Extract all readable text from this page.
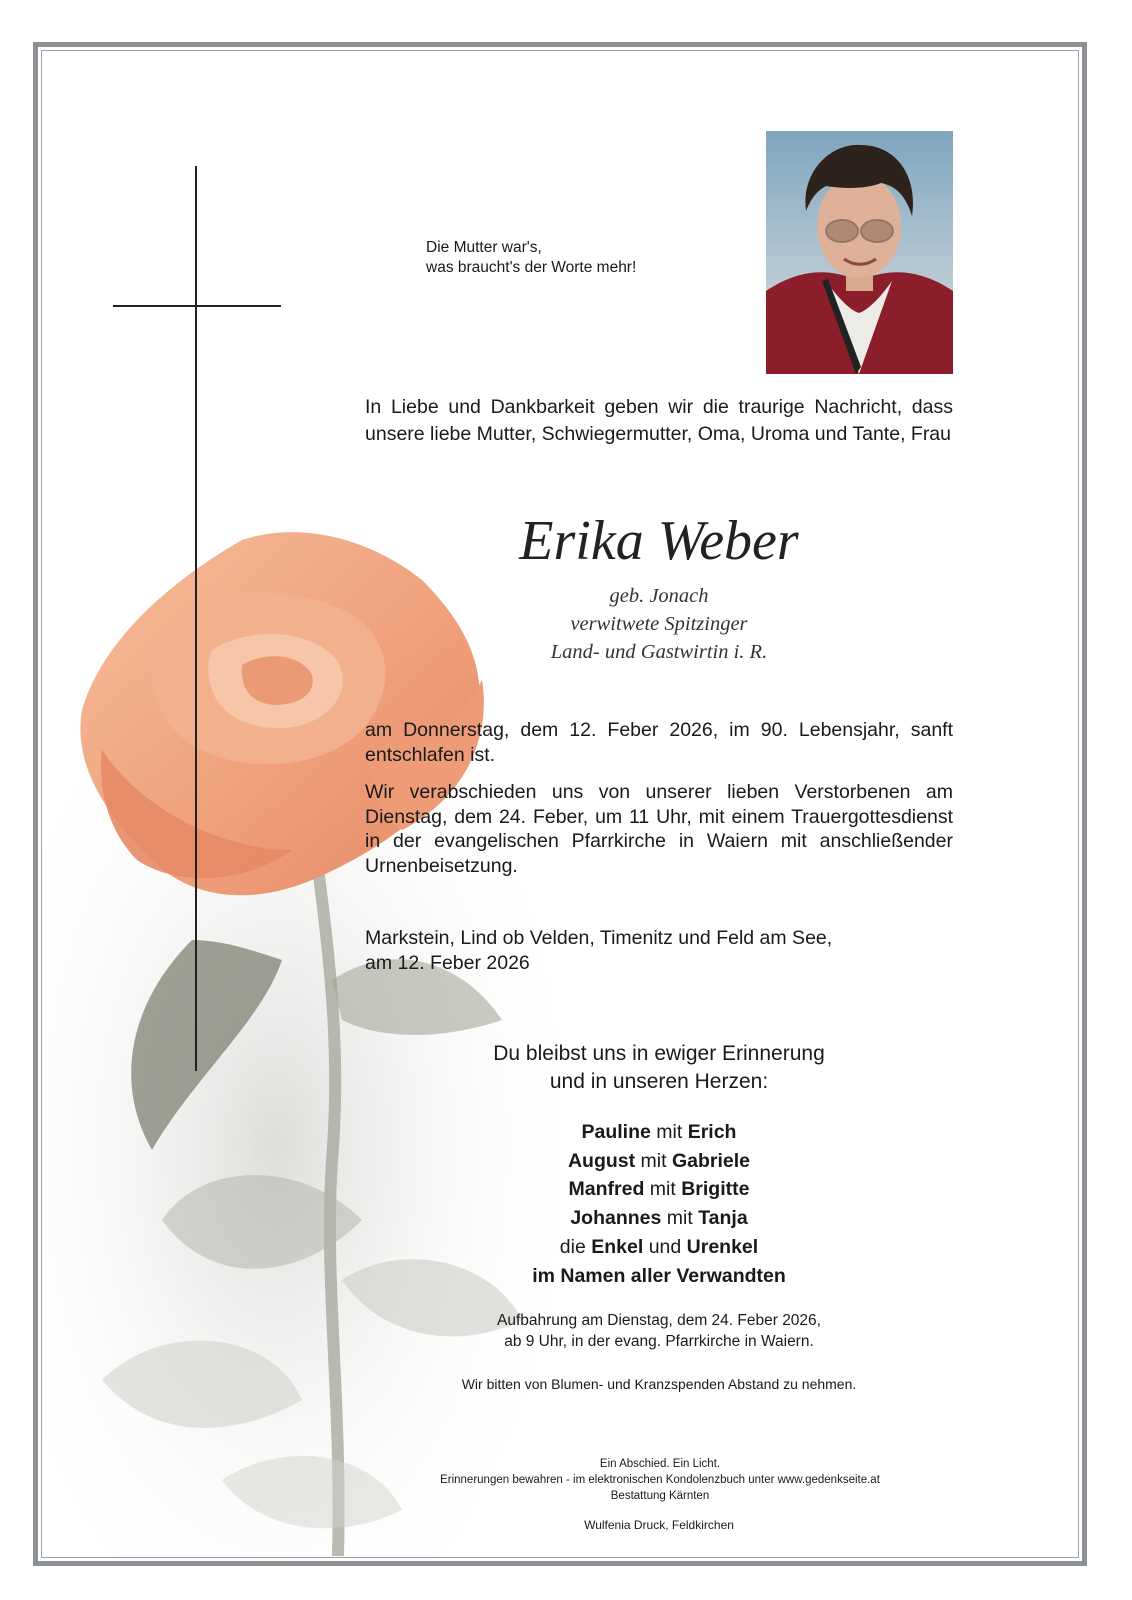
Die Mutter war's,
was braucht's der Worte mehr!
In Liebe und Dankbarkeit geben wir die traurige Nachricht, dass unsere liebe Mutter, Schwiegermutter, Oma, Uroma und Tante, Frau
Erika Weber
geb. Jonach
verwitwete Spitzinger
Land- und Gastwirtin i. R.
am Donnerstag, dem 12. Feber 2026, im 90. Lebensjahr, sanft entschlafen ist.
Wir verabschieden uns von unserer lieben Verstorbenen am Dienstag, dem 24. Feber, um 11 Uhr, mit einem Trauergottesdienst in der evangelischen Pfarrkirche in Waiern mit anschließender Urnenbeisetzung.
Markstein, Lind ob Velden, Timenitz und Feld am See,
am 12. Feber 2026
Du bleibst uns in ewiger Erinnerung
und in unseren Herzen:
Pauline mit Erich
August mit Gabriele
Manfred mit Brigitte
Johannes mit Tanja
die Enkel und Urenkel
im Namen aller Verwandten
Aufbahrung am Dienstag, dem 24. Feber 2026,
ab 9 Uhr, in der evang. Pfarrkirche in Waiern.
Wir bitten von Blumen- und Kranzspenden Abstand zu nehmen.
Ein Abschied. Ein Licht.
Erinnerungen bewahren - im elektronischen Kondolenzbuch unter www.gedenkseite.at
Bestattung Kärnten
Wulfenia Druck, Feldkirchen
